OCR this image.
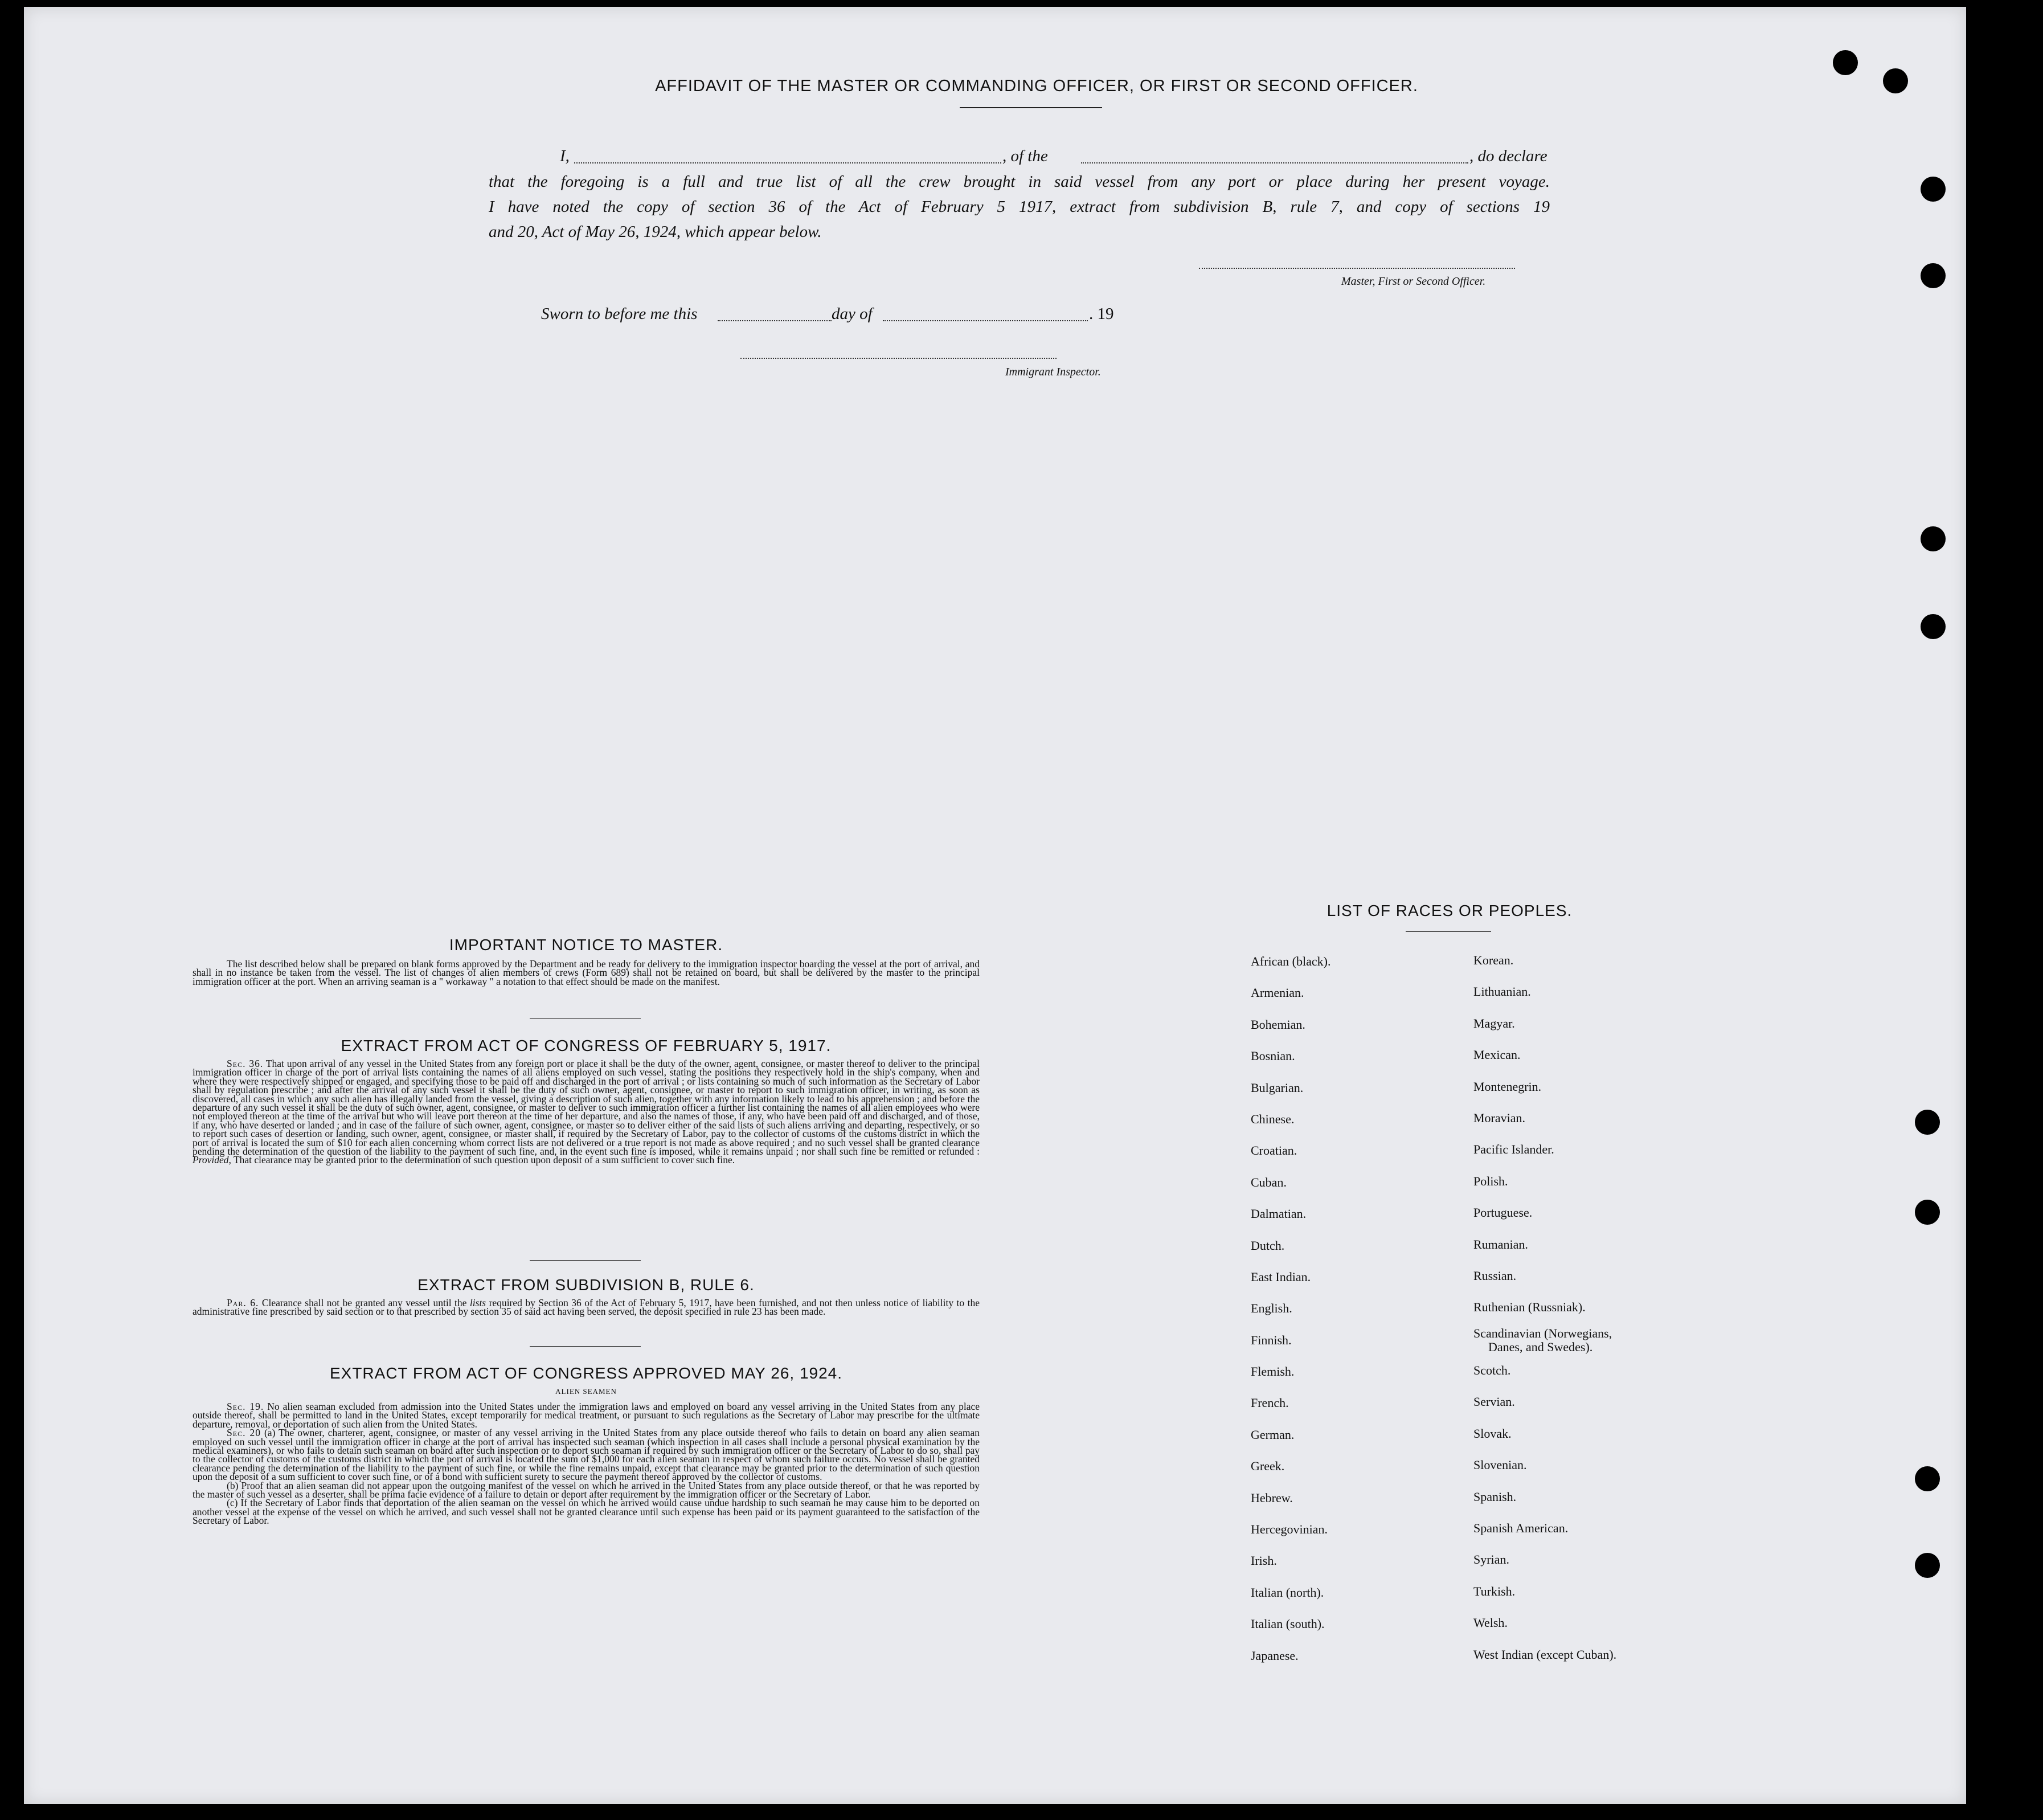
AFFIDAVIT OF THE MASTER OR COMMANDING OFFICER, OR FIRST OR SECOND OFFICER.
I,	, of the	, do declare
that the foregoing is a full and true list of all the crew brought in said vessel from any port or place during her present voyage.
I have noted the copy of section 36 of the Act of February 5 1917, extract from subdivision B, rule 7, and copy of sections 19
and 20, Act of May 26, 1924, which appear below.
Master, First or Second Officer.
Sworn to before me this	day of	. 19
Immigrant Inspector.
IMPORTANT NOTICE TO MASTER.

The list described below shall be prepared on blank forms approved by the Department and be ready for delivery to the immigration inspector boarding the vessel at the port of arrival, and shall in no instance be taken from the vessel. The list of changes of alien members of crews (Form 689) shall not be retained on board, but shall be delivered by the master to the principal immigration officer at the port. When an arriving seaman is a " workaway " a notation to that effect should be made on the manifest.

EXTRACT FROM ACT OF CONGRESS OF FEBRUARY 5, 1917.

Sec. 36. That upon arrival of any vessel in the United States from any foreign port or place it shall be the duty of the owner, agent, consignee, or master thereof to deliver to the principal immigration officer in charge of the port of arrival lists containing the names of all aliens employed on such vessel, stating the positions they respectively hold in the ship's company, when and where they were respectively shipped or engaged, and specifying those to be paid off and discharged in the port of arrival ; or lists containing so much of such information as the Secretary of Labor shall by regulation prescribe ; and after the arrival of any such vessel it shall be the duty of such owner, agent, consignee, or master to report to such immigration officer, in writing, as soon as discovered, all cases in which any such alien has illegally landed from the vessel, giving a description of such alien, together with any information likely to lead to his apprehension ; and before the departure of any such vessel it shall be the duty of such owner, agent, consignee, or master to deliver to such immigration officer a further list containing the names of all alien employees who were not employed thereon at the time of the arrival but who will leave port thereon at the time of her departure, and also the names of those, if any, who have been paid off and discharged, and of those, if any, who have deserted or landed ; and in case of the failure of such owner, agent, consignee, or master so to deliver either of the said lists of such aliens arriving and departing, respectively, or so to report such cases of desertion or landing, such owner, agent, consignee, or master shall, if required by the Secretary of Labor, pay to the collector of customs of the customs district in which the port of arrival is located the sum of $10 for each alien concerning whom correct lists are not delivered or a true report is not made as above required ; and no such vessel shall be granted clearance pending the determination of the question of the liability to the payment of such fine, and, in the event such fine is imposed, while it remains unpaid ; nor shall such fine be remitted or refunded : Provided, That clearance may be granted prior to the determination of such question upon deposit of a sum sufficient to cover such fine.

EXTRACT FROM SUBDIVISION B, RULE 6.

Par. 6. Clearance shall not be granted any vessel until the lists required by Section 36 of the Act of February 5, 1917, have been furnished, and not then unless notice of liability to the administrative fine prescribed by said section or to that prescribed by section 35 of said act having been served, the deposit specified in rule 23 has been made.

EXTRACT FROM ACT OF CONGRESS APPROVED MAY 26, 1924.
ALIEN SEAMEN

Sec. 19. No alien seaman excluded from admission into the United States under the immigration laws and employed on board any vessel arriving in the United States from any place outside thereof, shall be permitted to land in the United States, except temporarily for medical treatment, or pursuant to such regulations as the Secretary of Labor may prescribe for the ultimate departure, removal, or deportation of such alien from the United States.

Sec. 20 (a) The owner, charterer, agent, consignee, or master of any vessel arriving in the United States from any place outside thereof who fails to detain on board any alien seaman employed on such vessel until the immigration officer in charge at the port of arrival has inspected such seaman (which inspection in all cases shall include a personal physical examination by the medical examiners), or who fails to detain such seaman on board after such inspection or to deport such seaman if required by such immigration officer or the Secretary of Labor to do so, shall pay to the collector of customs of the customs district in which the port of arrival is located the sum of $1,000 for each alien seaman in respect of whom such failure occurs. No vessel shall be granted clearance pending the determination of the liability to the payment of such fine, or while the fine remains unpaid, except that clearance may be granted prior to the determination of such question upon the deposit of a sum sufficient to cover such fine, or of a bond with sufficient surety to secure the payment thereof approved by the collector of customs.

(b) Proof that an alien seaman did not appear upon the outgoing manifest of the vessel on which he arrived in the United States from any place outside thereof, or that he was reported by the master of such vessel as a deserter, shall be prima facie evidence of a failure to detain or deport after requirement by the immigration officer or the Secretary of Labor.

(c) If the Secretary of Labor finds that deportation of the alien seaman on the vessel on which he arrived would cause undue hardship to such seaman he may cause him to be deported on another vessel at the expense of the vessel on which he arrived, and such vessel shall not be granted clearance until such expense has been paid or its payment guaranteed to the satisfaction of the Secretary of Labor.

LIST OF RACES OR PEOPLES.
African (black).
Armenian.
Bohemian.
Bosnian.
Bulgarian.
Chinese.
Croatian.
Cuban.
Dalmatian.
Dutch.
East Indian.
English.
Finnish.
Flemish.
French.
German.
Greek.
Hebrew.
Hercegovinian.
Irish.
Italian (north).
Italian (south).
Japanese.
Korean.
Lithuanian.
Magyar.
Mexican.
Montenegrin.
Moravian.
Pacific Islander.
Polish.
Portuguese.
Rumanian.
Russian.
Ruthenian (Russniak).
Scandinavian (Norwegians,
Danes, and Swedes).
Scotch.
Servian.
Slovak.
Slovenian.
Spanish.
Spanish American.
Syrian.
Turkish.
Welsh.
West Indian (except Cuban).
